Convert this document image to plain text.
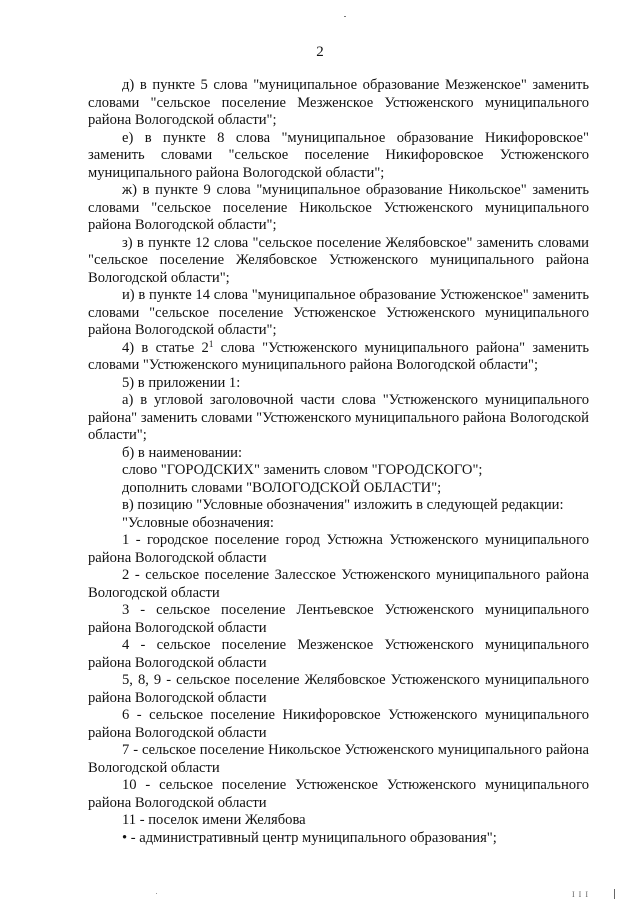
2

д) в пункте 5 слова "муниципальное образование Мезженское" заменить словами "сельское поселение Мезженское Устюженского муниципального района Вологодской области";

е) в пункте 8 слова "муниципальное образование Никифоровское" заменить словами "сельское поселение Никифоровское Устюженского муниципального района Вологодской области";

ж) в пункте 9 слова "муниципальное образование Никольское" заменить словами "сельское поселение Никольское Устюженского муниципального района Вологодской области";

з) в пункте 12 слова "сельское поселение Желябовское" заменить словами "сельское поселение Желябовское Устюженского муниципального района Вологодской области";

и) в пункте 14 слова "муниципальное образование Устюженское" заменить словами "сельское поселение Устюженское Устюженского муниципального района Вологодской области";

4) в статье $2^1$ слова "Устюженского муниципального района" заменить словами "Устюженского муниципального района Вологодской области";

5) в приложении 1:

а) в угловой заголовочной части слова "Устюженского муниципального района" заменить словами "Устюженского муниципального района Вологодской области";

б) в наименовании:

слово "ГОРОДСКИХ" заменить словом "ГОРОДСКОГО";

дополнить словами "ВОЛОГОДСКОЙ ОБЛАСТИ";

в) позицию "Условные обозначения" изложить в следующей редакции:

"Условные обозначения:

1 - городское поселение город Устюжна Устюженского муниципального района Вологодской области

2 - сельское поселение Залесское Устюженского муниципального района Вологодской области

3 - сельское поселение Лентьевское Устюженского муниципального района Вологодской области

4 - сельское поселение Мезженское Устюженского муниципального района Вологодской области

5, 8, 9 - сельское поселение Желябовское Устюженского муниципального района Вологодской области

6 - сельское поселение Никифоровское Устюженского муниципального района Вологодской области

7 - сельское поселение Никольское Устюженского муниципального района Вологодской области

10 - сельское поселение Устюженское Устюженского муниципального района Вологодской области

11 - поселок имени Желябова

• - административный центр муниципального образования";

I I I
